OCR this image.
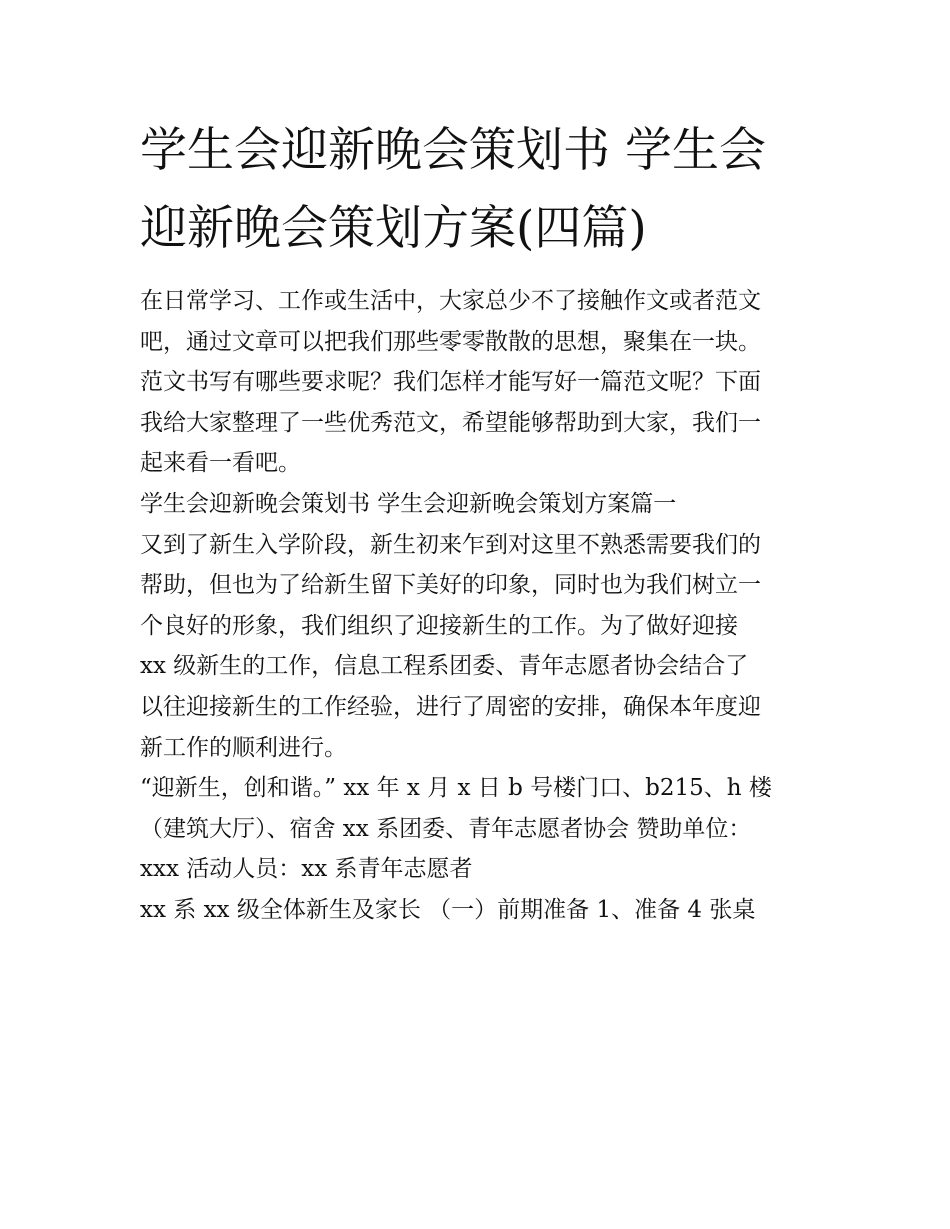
学生会迎新晚会策划书 学生会
迎新晚会策划方案(四篇)
在日常学习、工作或生活中，大家总少不了接触作文或者范文
吧，通过文章可以把我们那些零零散散的思想，聚集在一块。
范文书写有哪些要求呢？我们怎样才能写好一篇范文呢？下面
我给大家整理了一些优秀范文，希望能够帮助到大家，我们一
起来看一看吧。
学生会迎新晚会策划书 学生会迎新晚会策划方案篇一
又到了新生入学阶段，新生初来乍到对这里不熟悉需要我们的
帮助，但也为了给新生留下美好的印象，同时也为我们树立一
个良好的形象，我们组织了迎接新生的工作。为了做好迎接
xx 级新生的工作，信息工程系团委、青年志愿者协会结合了
以往迎接新生的工作经验，进行了周密的安排，确保本年度迎
新工作的顺利进行。
“迎新生，创和谐。” xx 年 x 月 x 日 b 号楼门口、b215、h 楼
（建筑大厅）、宿舍 xx 系团委、青年志愿者协会 赞助单位：
xxx 活动人员：xx 系青年志愿者
xx 系 xx 级全体新生及家长 （一）前期准备 1、准备 4 张桌
